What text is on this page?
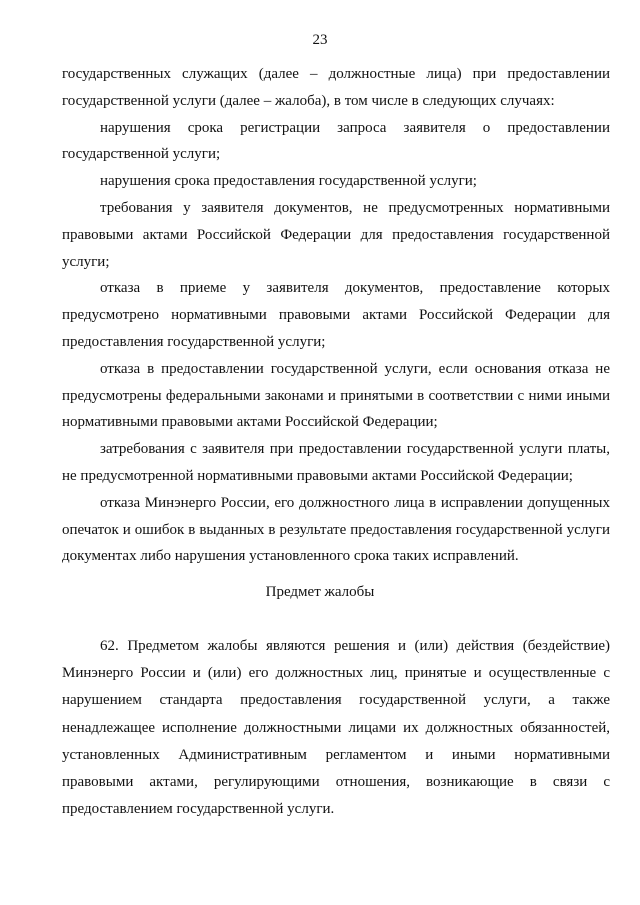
23

государственных служащих (далее – должностные лица) при предоставлении государственной услуги (далее – жалоба), в том числе в следующих случаях:

нарушения срока регистрации запроса заявителя о предоставлении государственной услуги;

нарушения срока предоставления государственной услуги;

требования у заявителя документов, не предусмотренных нормативными правовыми актами Российской Федерации для предоставления государственной услуги;

отказа в приеме у заявителя документов, предоставление которых предусмотрено нормативными правовыми актами Российской Федерации для предоставления государственной услуги;

отказа в предоставлении государственной услуги, если основания отказа не предусмотрены федеральными законами и принятыми в соответствии с ними иными нормативными правовыми актами Российской Федерации;

затребования с заявителя при предоставлении государственной услуги платы, не предусмотренной нормативными правовыми актами Российской Федерации;

отказа Минэнерго России, его должностного лица в исправлении допущенных опечаток и ошибок в выданных в результате предоставления государственной услуги документах либо нарушения установленного срока таких исправлений.

Предмет жалобы

62. Предметом жалобы являются решения и (или) действия (бездействие) Минэнерго России и (или) его должностных лиц, принятые и осуществленные с нарушением стандарта предоставления государственной услуги, а также ненадлежащее исполнение должностными лицами их должностных обязанностей, установленных Административным регламентом и иными нормативными правовыми актами, регулирующими отношения, возникающие в связи с предоставлением государственной услуги.
